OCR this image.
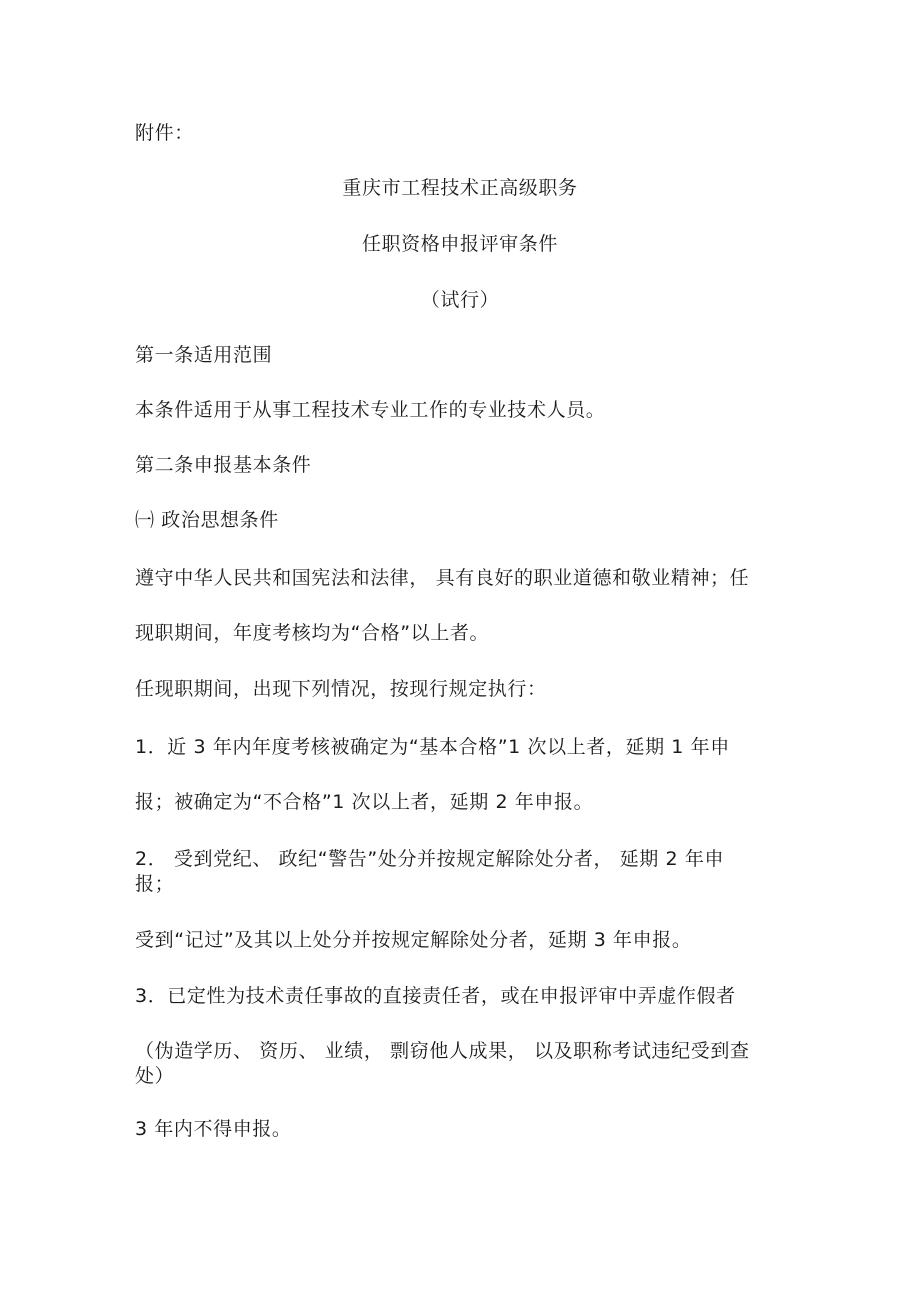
附件：
重庆市工程技术正高级职务
任职资格申报评审条件
（试行）
第一条适用范围
本条件适用于从事工程技术专业工作的专业技术人员。
第二条申报基本条件
㈠ 政治思想条件
遵守中华人民共和国宪法和法律， 具有良好的职业道德和敬业精神；任
现职期间，年度考核均为“合格”以上者。
任现职期间，出现下列情况，按现行规定执行：
1．近 3 年内年度考核被确定为“基本合格”1 次以上者，延期 1 年申
报；被确定为“不合格”1 次以上者，延期 2 年申报。
2． 受到党纪、 政纪“警告”处分并按规定解除处分者， 延期 2 年申
报；
受到“记过”及其以上处分并按规定解除处分者，延期 3 年申报。
3．已定性为技术责任事故的直接责任者，或在申报评审中弄虚作假者
（伪造学历、 资历、 业绩， 剽窃他人成果， 以及职称考试违纪受到查
处）
3 年内不得申报。
